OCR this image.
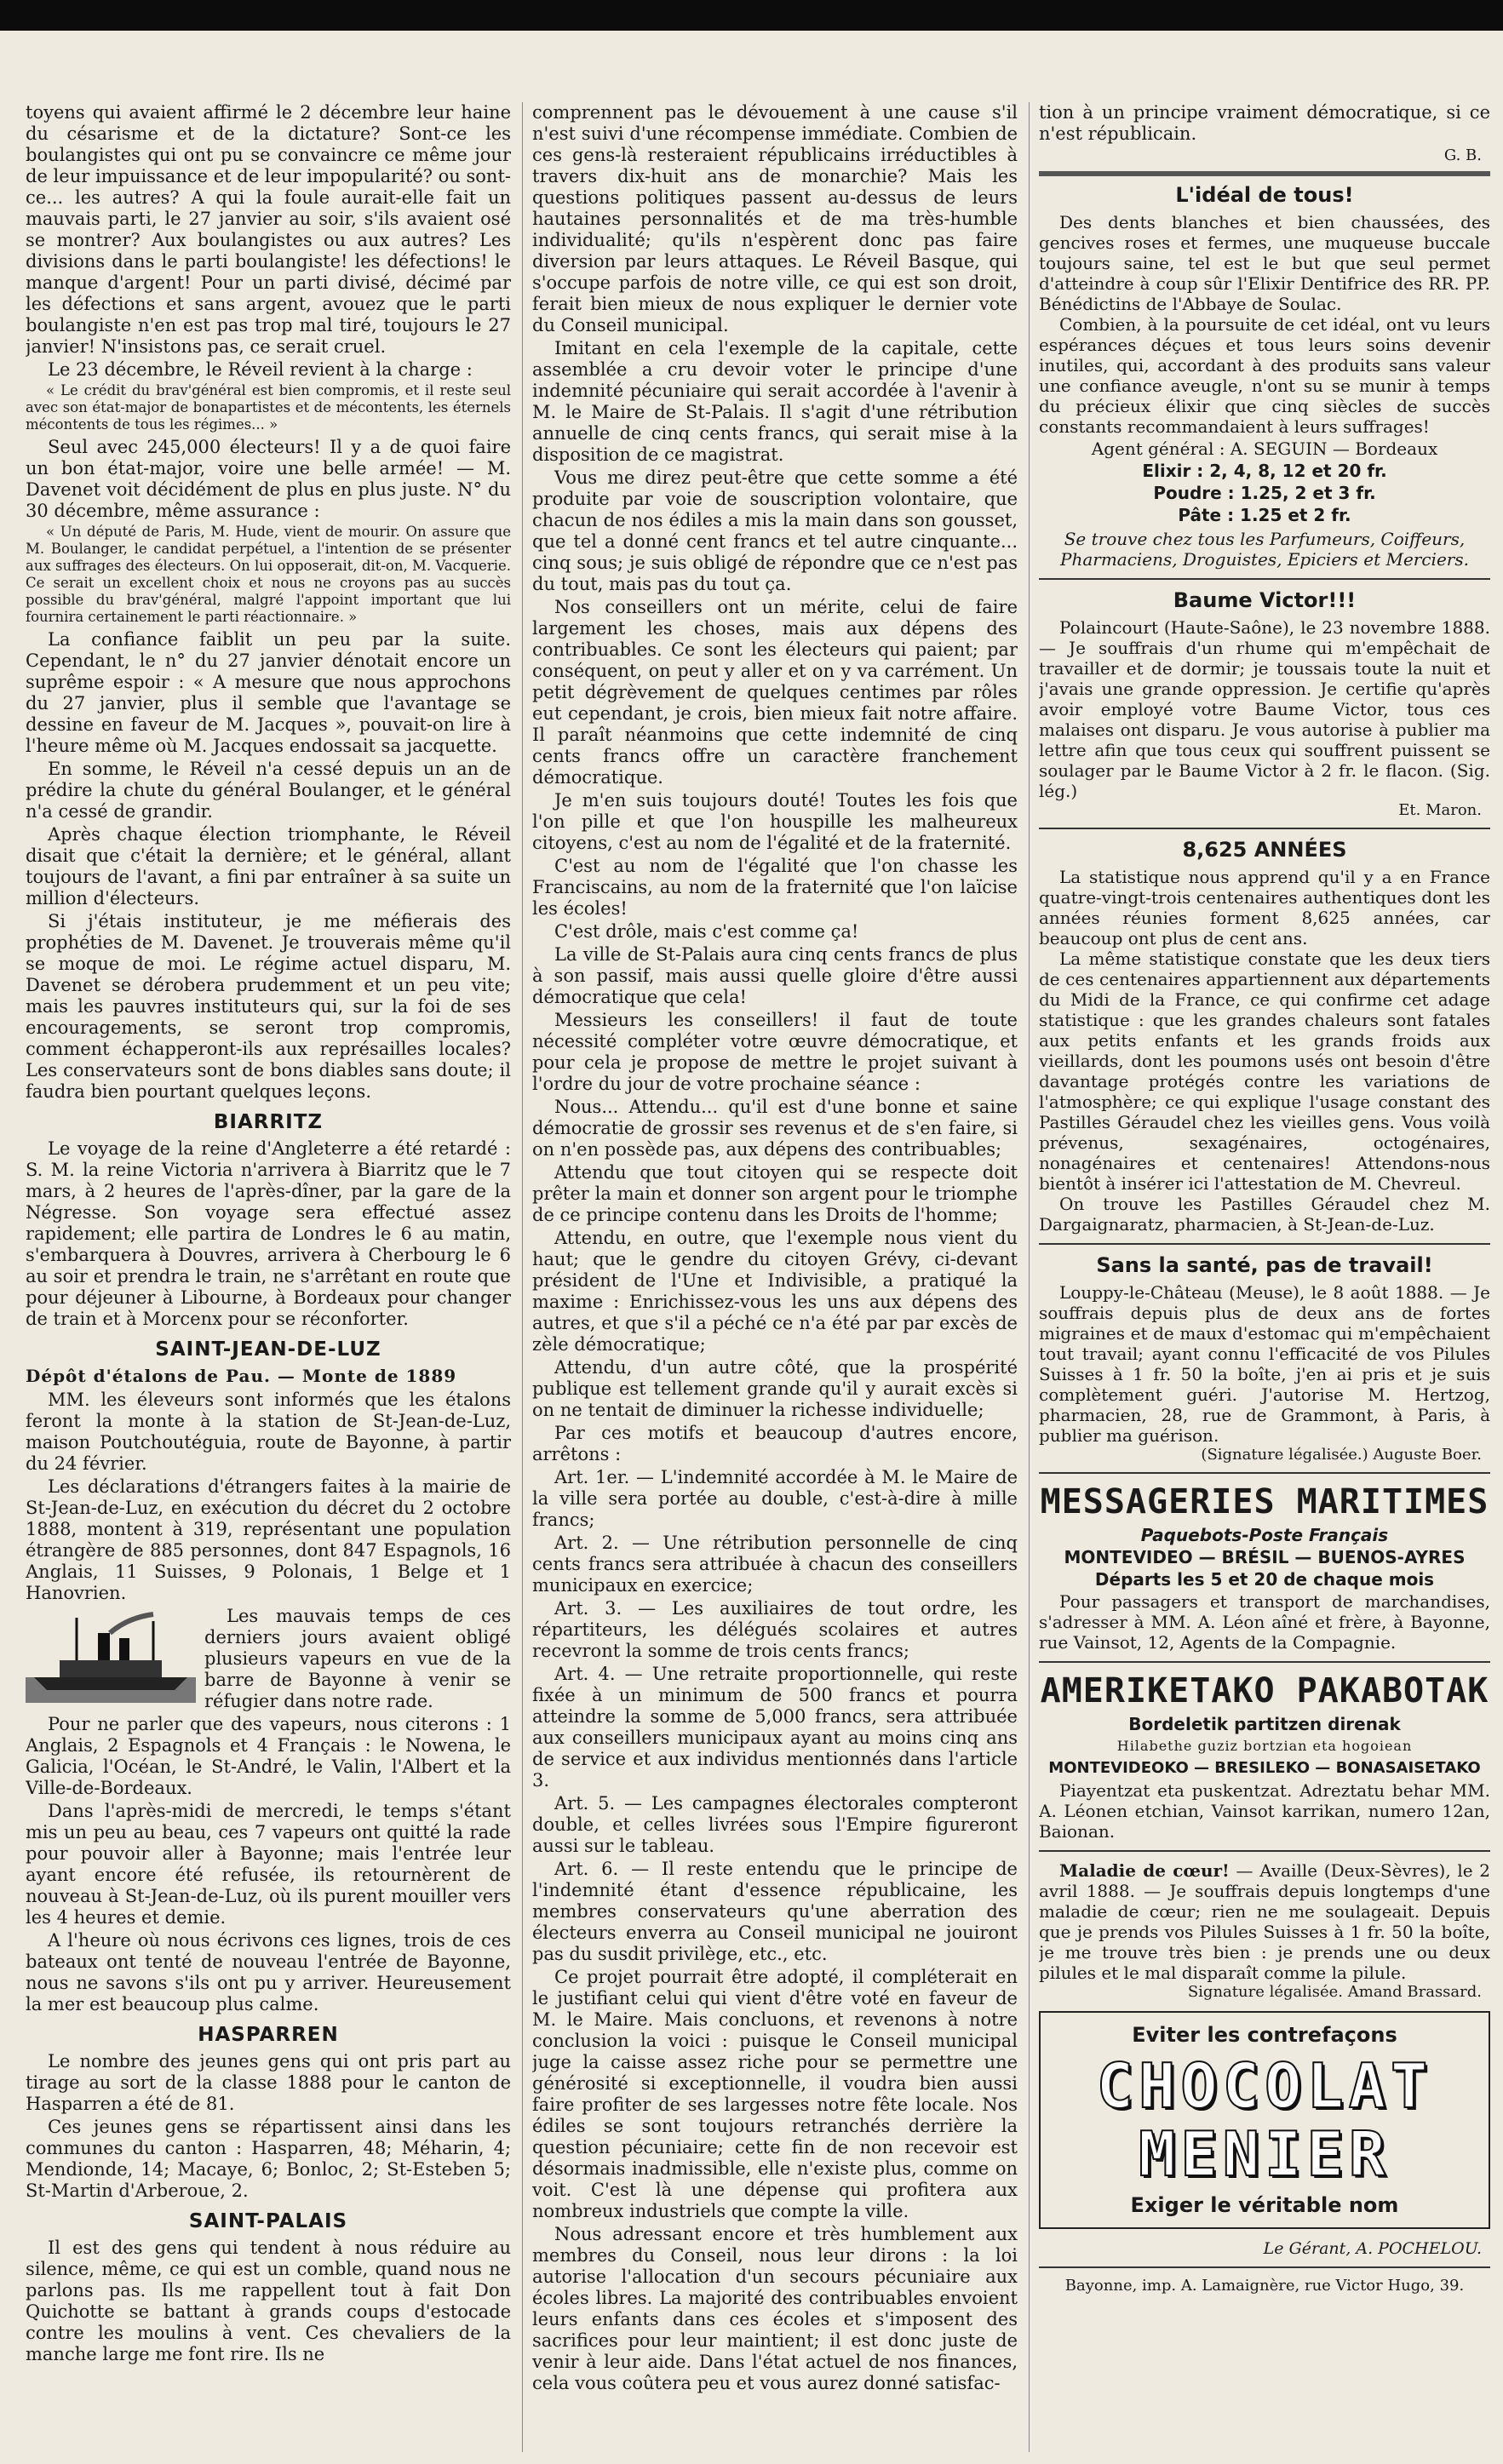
toyens qui avaient affirmé le 2 décembre leur haine du césarisme et de la dictature? Sont-ce les boulangistes qui ont pu se convaincre ce même jour de leur impuissance et de leur impopularité? ou sont-ce... les autres? A qui la foule aurait-elle fait un mauvais parti, le 27 janvier au soir, s'ils avaient osé se montrer? Aux boulangistes ou aux autres? Les divisions dans le parti boulangiste! les défections! le manque d'argent! Pour un parti divisé, décimé par les défections et sans argent, avouez que le parti boulangiste n'en est pas trop mal tiré, toujours le 27 janvier! N'insistons pas, ce serait cruel.

Le 23 décembre, le Réveil revient à la charge :

« Le crédit du brav'général est bien compromis, et il reste seul avec son état-major de bonapartistes et de mécontents, les éternels mécontents de tous les régimes... »

Seul avec 245,000 électeurs! Il y a de quoi faire un bon état-major, voire une belle armée! — M. Davenet voit décidément de plus en plus juste. N° du 30 décembre, même assurance :

« Un député de Paris, M. Hude, vient de mourir. On assure que M. Boulanger, le candidat perpétuel, a l'intention de se présenter aux suffrages des électeurs. On lui opposerait, dit-on, M. Vacquerie. Ce serait un excellent choix et nous ne croyons pas au succès possible du brav'général, malgré l'appoint important que lui fournira certainement le parti réactionnaire. »

La confiance faiblit un peu par la suite. Cependant, le n° du 27 janvier dénotait encore un suprême espoir : « A mesure que nous approchons du 27 janvier, plus il semble que l'avantage se dessine en faveur de M. Jacques », pouvait-on lire à l'heure même où M. Jacques endossait sa jacquette.

En somme, le Réveil n'a cessé depuis un an de prédire la chute du général Boulanger, et le général n'a cessé de grandir.

Après chaque élection triomphante, le Réveil disait que c'était la dernière; et le général, allant toujours de l'avant, a fini par entraîner à sa suite un million d'électeurs.

Si j'étais instituteur, je me méfierais des prophéties de M. Davenet. Je trouverais même qu'il se moque de moi. Le régime actuel disparu, M. Davenet se dérobera prudemment et un peu vite; mais les pauvres instituteurs qui, sur la foi de ses encouragements, se seront trop compromis, comment échapperont-ils aux représailles locales? Les conservateurs sont de bons diables sans doute; il faudra bien pourtant quelques leçons.

BIARRITZ

Le voyage de la reine d'Angleterre a été retardé : S. M. la reine Victoria n'arrivera à Biarritz que le 7 mars, à 2 heures de l'après-dîner, par la gare de la Négresse. Son voyage sera effectué assez rapidement; elle partira de Londres le 6 au matin, s'embarquera à Douvres, arrivera à Cherbourg le 6 au soir et prendra le train, ne s'arrêtant en route que pour déjeuner à Libourne, à Bordeaux pour changer de train et à Morcenx pour se réconforter.

SAINT-JEAN-DE-LUZ
Dépôt d'étalons de Pau. — Monte de 1889

MM. les éleveurs sont informés que les étalons feront la monte à la station de St-Jean-de-Luz, maison Poutchoutéguia, route de Bayonne, à partir du 24 février.

Les déclarations d'étrangers faites à la mairie de St-Jean-de-Luz, en exécution du décret du 2 octobre 1888, montent à 319, représentant une population étrangère de 885 personnes, dont 847 Espagnols, 16 Anglais, 11 Suisses, 9 Polonais, 1 Belge et 1 Hanovrien.

Les mauvais temps de ces derniers jours avaient obligé plusieurs vapeurs en vue de la barre de Bayonne à venir se réfugier dans notre rade.

Pour ne parler que des vapeurs, nous citerons : 1 Anglais, 2 Espagnols et 4 Français : le Nowena, le Galicia, l'Océan, le St-André, le Valin, l'Albert et la Ville-de-Bordeaux.

Dans l'après-midi de mercredi, le temps s'étant mis un peu au beau, ces 7 vapeurs ont quitté la rade pour pouvoir aller à Bayonne; mais l'entrée leur ayant encore été refusée, ils retournèrent de nouveau à St-Jean-de-Luz, où ils purent mouiller vers les 4 heures et demie.

A l'heure où nous écrivons ces lignes, trois de ces bateaux ont tenté de nouveau l'entrée de Bayonne, nous ne savons s'ils ont pu y arriver. Heureusement la mer est beaucoup plus calme.

HASPARREN

Le nombre des jeunes gens qui ont pris part au tirage au sort de la classe 1888 pour le canton de Hasparren a été de 81.

Ces jeunes gens se répartissent ainsi dans les communes du canton : Hasparren, 48; Méharin, 4; Mendionde, 14; Macaye, 6; Bonloc, 2; St-Esteben 5; St-Martin d'Arberoue, 2.

SAINT-PALAIS

Il est des gens qui tendent à nous réduire au silence, même, ce qui est un comble, quand nous ne parlons pas. Ils me rappellent tout à fait Don Quichotte se battant à grands coups d'estocade contre les moulins à vent. Ces chevaliers de la manche large me font rire. Ils ne

comprennent pas le dévouement à une cause s'il n'est suivi d'une récompense immédiate. Combien de ces gens-là resteraient républicains irréductibles à travers dix-huit ans de monarchie? Mais les questions politiques passent au-dessus de leurs hautaines personnalités et de ma très-humble individualité; qu'ils n'espèrent donc pas faire diversion par leurs attaques. Le Réveil Basque, qui s'occupe parfois de notre ville, ce qui est son droit, ferait bien mieux de nous expliquer le dernier vote du Conseil municipal.

Imitant en cela l'exemple de la capitale, cette assemblée a cru devoir voter le principe d'une indemnité pécuniaire qui serait accordée à l'avenir à M. le Maire de St-Palais. Il s'agit d'une rétribution annuelle de cinq cents francs, qui serait mise à la disposition de ce magistrat.

Vous me direz peut-être que cette somme a été produite par voie de souscription volontaire, que chacun de nos édiles a mis la main dans son gousset, que tel a donné cent francs et tel autre cinquante... cinq sous; je suis obligé de répondre que ce n'est pas du tout, mais pas du tout ça.

Nos conseillers ont un mérite, celui de faire largement les choses, mais aux dépens des contribuables. Ce sont les électeurs qui paient; par conséquent, on peut y aller et on y va carrément. Un petit dégrèvement de quelques centimes par rôles eut cependant, je crois, bien mieux fait notre affaire. Il paraît néanmoins que cette indemnité de cinq cents francs offre un caractère franchement démocratique.

Je m'en suis toujours douté! Toutes les fois que l'on pille et que l'on houspille les malheureux citoyens, c'est au nom de l'égalité et de la fraternité.

C'est au nom de l'égalité que l'on chasse les Franciscains, au nom de la fraternité que l'on laïcise les écoles!

C'est drôle, mais c'est comme ça!

La ville de St-Palais aura cinq cents francs de plus à son passif, mais aussi quelle gloire d'être aussi démocratique que cela!

Messieurs les conseillers! il faut de toute nécessité compléter votre œuvre démocratique, et pour cela je propose de mettre le projet suivant à l'ordre du jour de votre prochaine séance :

Nous... Attendu... qu'il est d'une bonne et saine démocratie de grossir ses revenus et de s'en faire, si on n'en possède pas, aux dépens des contribuables;

Attendu que tout citoyen qui se respecte doit prêter la main et donner son argent pour le triomphe de ce principe contenu dans les Droits de l'homme;

Attendu, en outre, que l'exemple nous vient du haut; que le gendre du citoyen Grévy, ci-devant président de l'Une et Indivisible, a pratiqué la maxime : Enrichissez-vous les uns aux dépens des autres, et que s'il a péché ce n'a été par par excès de zèle démocratique;

Attendu, d'un autre côté, que la prospérité publique est tellement grande qu'il y aurait excès si on ne tentait de diminuer la richesse individuelle;

Par ces motifs et beaucoup d'autres encore, arrêtons :

Art. 1er. — L'indemnité accordée à M. le Maire de la ville sera portée au double, c'est-à-dire à mille francs;

Art. 2. — Une rétribution personnelle de cinq cents francs sera attribuée à chacun des conseillers municipaux en exercice;

Art. 3. — Les auxiliaires de tout ordre, les répartiteurs, les délégués scolaires et autres recevront la somme de trois cents francs;

Art. 4. — Une retraite proportionnelle, qui reste fixée à un minimum de 500 francs et pourra atteindre la somme de 5,000 francs, sera attribuée aux conseillers municipaux ayant au moins cinq ans de service et aux individus mentionnés dans l'article 3.

Art. 5. — Les campagnes électorales compteront double, et celles livrées sous l'Empire figureront aussi sur le tableau.

Art. 6. — Il reste entendu que le principe de l'indemnité étant d'essence républicaine, les membres conservateurs qu'une aberration des électeurs enverra au Conseil municipal ne jouiront pas du susdit privilège, etc., etc.

Ce projet pourrait être adopté, il compléterait en le justifiant celui qui vient d'être voté en faveur de M. le Maire. Mais concluons, et revenons à notre conclusion la voici : puisque le Conseil municipal juge la caisse assez riche pour se permettre une générosité si exceptionnelle, il voudra bien aussi faire profiter de ses largesses notre fête locale. Nos édiles se sont toujours retranchés derrière la question pécuniaire; cette fin de non recevoir est désormais inadmissible, elle n'existe plus, comme on voit. C'est là une dépense qui profitera aux nombreux industriels que compte la ville.

Nous adressant encore et très humblement aux membres du Conseil, nous leur dirons : la loi autorise l'allocation d'un secours pécuniaire aux écoles libres. La majorité des contribuables envoient leurs enfants dans ces écoles et s'imposent des sacrifices pour leur maintient; il est donc juste de venir à leur aide. Dans l'état actuel de nos finances, cela vous coûtera peu et vous aurez donné satisfac-

tion à un principe vraiment démocratique, si ce n'est républicain.

G. B.
L'idéal de tous!

Des dents blanches et bien chaussées, des gencives roses et fermes, une muqueuse buccale toujours saine, tel est le but que seul permet d'atteindre à coup sûr l'Elixir Dentifrice des RR. PP. Bénédictins de l'Abbaye de Soulac.

Combien, à la poursuite de cet idéal, ont vu leurs espérances déçues et tous leurs soins devenir inutiles, qui, accordant à des produits sans valeur une confiance aveugle, n'ont su se munir à temps du précieux élixir que cinq siècles de succès constants recommandaient à leurs suffrages!

Agent général : A. SEGUIN — Bordeaux
Elixir : 2, 4, 8, 12 et 20 fr.
Poudre : 1.25, 2 et 3 fr.
Pâte : 1.25 et 2 fr.
Se trouve chez tous les Parfumeurs, Coiffeurs, Pharmaciens, Droguistes, Epiciers et Merciers.
Baume Victor!!!

Polaincourt (Haute-Saône), le 23 novembre 1888. — Je souffrais d'un rhume qui m'empêchait de travailler et de dormir; je toussais toute la nuit et j'avais une grande oppression. Je certifie qu'après avoir employé votre Baume Victor, tous ces malaises ont disparu. Je vous autorise à publier ma lettre afin que tous ceux qui souffrent puissent se soulager par le Baume Victor à 2 fr. le flacon. (Sig. lég.)

Et. Maron.
8,625 ANNÉES

La statistique nous apprend qu'il y a en France quatre-vingt-trois centenaires authentiques dont les années réunies forment 8,625 années, car beaucoup ont plus de cent ans.

La même statistique constate que les deux tiers de ces centenaires appartiennent aux départements du Midi de la France, ce qui confirme cet adage statistique : que les grandes chaleurs sont fatales aux petits enfants et les grands froids aux vieillards, dont les poumons usés ont besoin d'être davantage protégés contre les variations de l'atmosphère; ce qui explique l'usage constant des Pastilles Géraudel chez les vieilles gens. Vous voilà prévenus, sexagénaires, octogénaires, nonagénaires et centenaires! Attendons-nous bientôt à insérer ici l'attestation de M. Chevreul.

On trouve les Pastilles Géraudel chez M. Dargaignaratz, pharmacien, à St-Jean-de-Luz.

Sans la santé, pas de travail!

Louppy-le-Château (Meuse), le 8 août 1888. — Je souffrais depuis plus de deux ans de fortes migraines et de maux d'estomac qui m'empêchaient tout travail; ayant connu l'efficacité de vos Pilules Suisses à 1 fr. 50 la boîte, j'en ai pris et je suis complètement guéri. J'autorise M. Hertzog, pharmacien, 28, rue de Grammont, à Paris, à publier ma guérison.

(Signature légalisée.) Auguste Boer.
MESSAGERIES MARITIMES
Paquebots-Poste Français
MONTEVIDEO — BRÉSIL — BUENOS-AYRES
Départs les 5 et 20 de chaque mois

Pour passagers et transport de marchandises, s'adresser à MM. A. Léon aîné et frère, à Bayonne, rue Vainsot, 12, Agents de la Compagnie.

AMERIKETAKO PAKABOTAK
Bordeletik partitzen direnak
Hilabethe guziz bortzian eta hogoiean
MONTEVIDEOKO — BRESILEKO — BONASAISETAKO

Piayentzat eta puskentzat. Adreztatu behar MM. A. Léonen etchian, Vainsot karrikan, numero 12an, Baionan.

Maladie de cœur! — Availle (Deux-Sèvres), le 2 avril 1888. — Je souffrais depuis longtemps d'une maladie de cœur; rien ne me soulageait. Depuis que je prends vos Pilules Suisses à 1 fr. 50 la boîte, je me trouve très bien : je prends une ou deux pilules et le mal disparaît comme la pilule.

Signature légalisée. Amand Brassard.
Eviter les contrefaçons
CHOCOLAT
MENIER
Exiger le véritable nom
Le Gérant, A. POCHELOU.
Bayonne, imp. A. Lamaignère, rue Victor Hugo, 39.
